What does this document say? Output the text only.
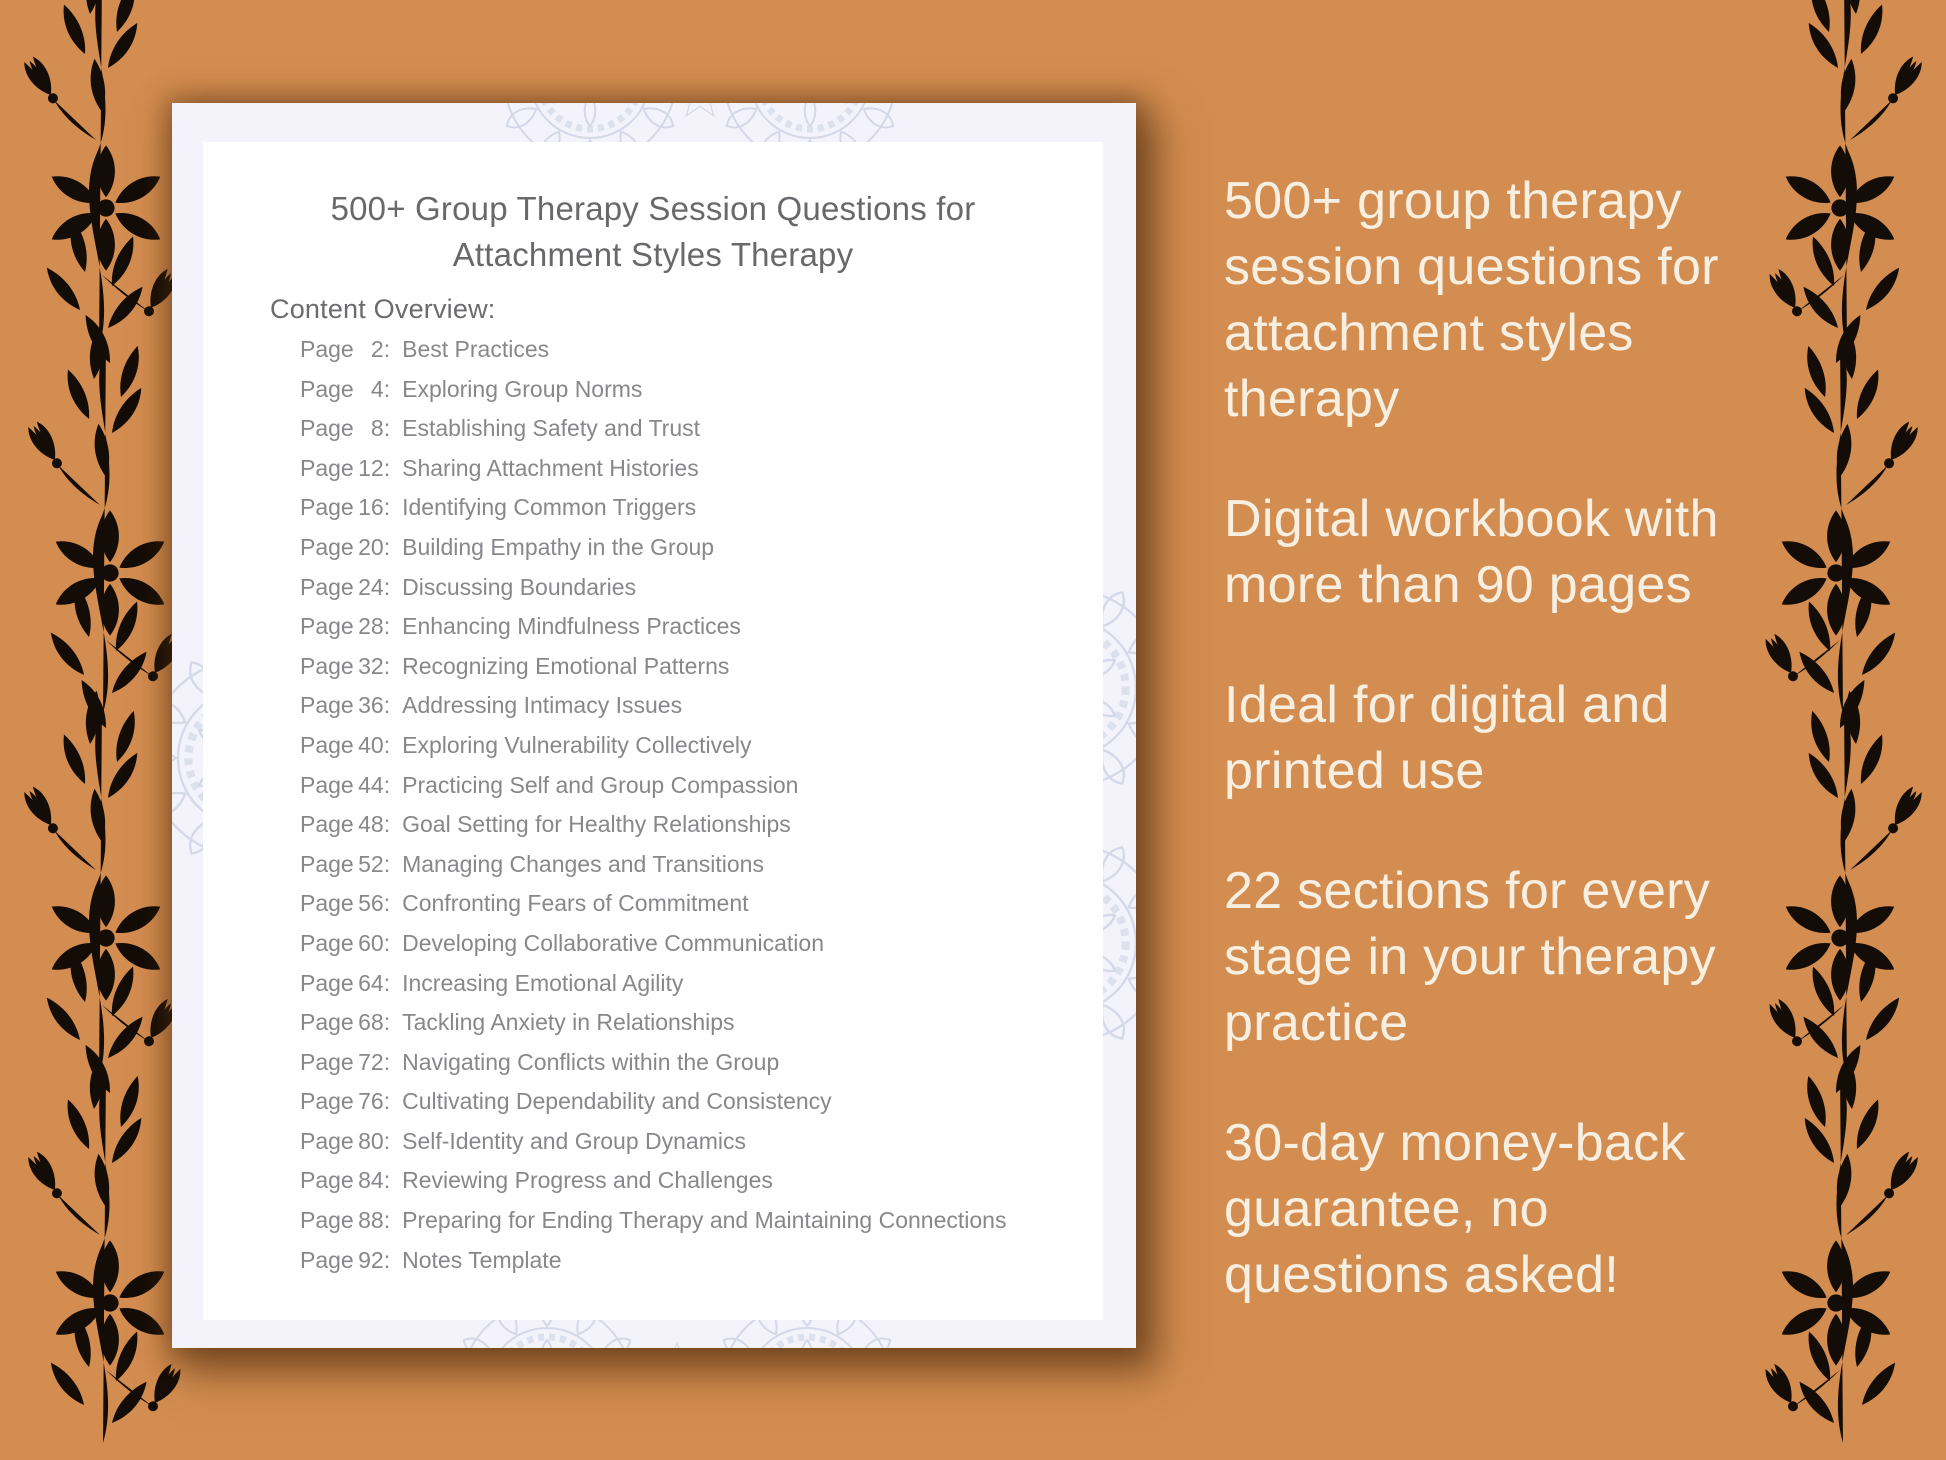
500+ Group Therapy Session Questions for
Attachment Styles Therapy
Content Overview:
Page 2: Best Practices
Page 4: Exploring Group Norms
Page 8: Establishing Safety and Trust
Page 12: Sharing Attachment Histories
Page 16: Identifying Common Triggers
Page 20: Building Empathy in the Group
Page 24: Discussing Boundaries
Page 28: Enhancing Mindfulness Practices
Page 32: Recognizing Emotional Patterns
Page 36: Addressing Intimacy Issues
Page 40: Exploring Vulnerability Collectively
Page 44: Practicing Self and Group Compassion
Page 48: Goal Setting for Healthy Relationships
Page 52: Managing Changes and Transitions
Page 56: Confronting Fears of Commitment
Page 60: Developing Collaborative Communication
Page 64: Increasing Emotional Agility
Page 68: Tackling Anxiety in Relationships
Page 72: Navigating Conflicts within the Group
Page 76: Cultivating Dependability and Consistency
Page 80: Self-Identity and Group Dynamics
Page 84: Reviewing Progress and Challenges
Page 88: Preparing for Ending Therapy and Maintaining Connections
Page 92: Notes Template
500+ group therapy
session questions for
attachment styles
therapy
Digital workbook with
more than 90 pages
Ideal for digital and
printed use
22 sections for every
stage in your therapy
practice
30-day money-back
guarantee, no
questions asked!
